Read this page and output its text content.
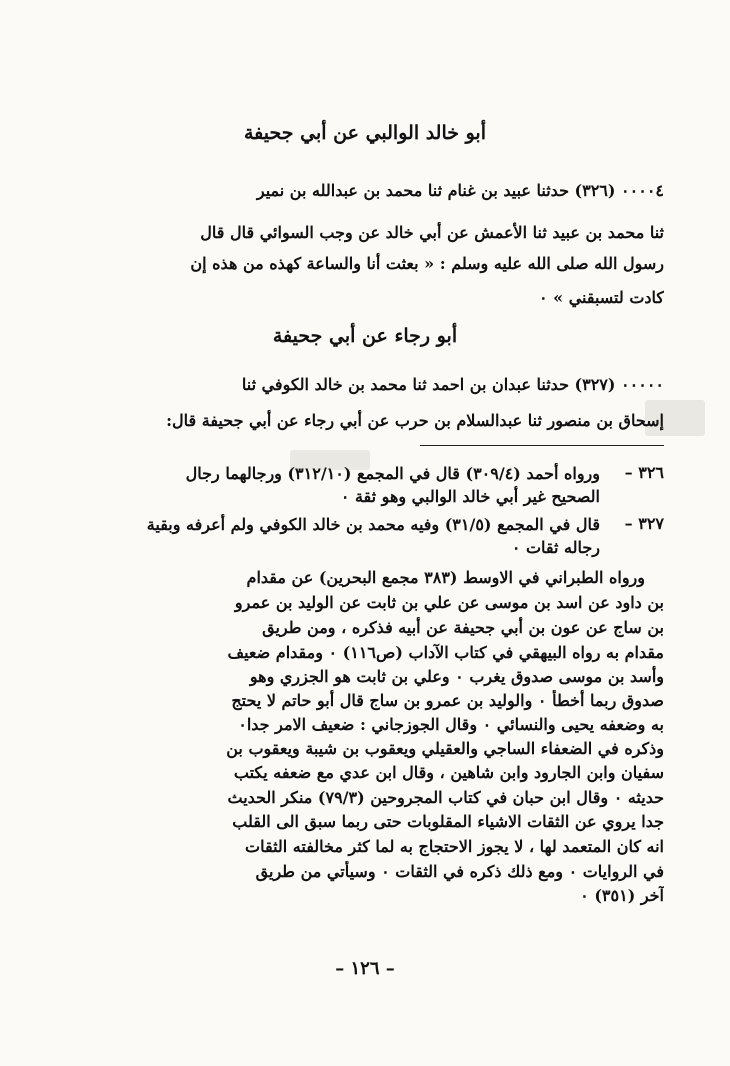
أبو خالد الوالبي عن أبي جحيفة
٠٠٠٠٤ (٣٢٦) حدثنا عبيد بن غنام ثنا محمد بن عبدالله بن نمير
ثنا محمد بن عبيد ثنا الأعمش عن أبي خالد عن وجب السوائي قال قال
رسول الله صلى الله عليه وسلم : « بعثت أنا والساعة كهذه من هذه إن
كادت لتسبقني » ٠
أبو رجاء عن أبي جحيفة
٠٠٠٠٠ (٣٢٧) حدثنا عبدان بن احمد ثنا محمد بن خالد الكوفي ثنا
إسحاق بن منصور ثنا عبدالسلام بن حرب عن أبي رجاء عن أبي جحيفة قال:
٣٢٦ –
ورواه أحمد (٣٠٩/٤) قال في المجمع (٣١٢/١٠) ورجالهما رجال
الصحيح غير أبي خالد الوالبي وهو ثقة ٠
٣٢٧ –
قال في المجمع (٣١/٥) وفيه محمد بن خالد الكوفي ولم أعرفه وبقية
رجاله ثقات ٠
ورواه الطبراني في الاوسط (٣٨٣ مجمع البحرين) عن مقدام
بن داود عن اسد بن موسى عن علي بن ثابت عن الوليد بن عمرو
بن ساج عن عون بن أبي جحيفة عن أبيه فذكره ، ومن طريق
مقدام به رواه البيهقي في كتاب الآداب (ص١١٦) ٠ ومقدام ضعيف
وأسد بن موسى صدوق يغرب ٠ وعلي بن ثابت هو الجزري وهو
صدوق ربما أخطأ ٠ والوليد بن عمرو بن ساج قال أبو حاتم لا يحتج
به وضعفه يحيى والنسائي ٠ وقال الجوزجاني : ضعيف الامر جدا٠
وذكره في الضعفاء الساجي والعقيلي ويعقوب بن شيبة ويعقوب بن
سفيان وابن الجارود وابن شاهين ، وقال ابن عدي مع ضعفه يكتب
حديثه ٠ وقال ابن حبان في كتاب المجروحين (٧٩/٣) منكر الحديث
جدا يروي عن الثقات الاشياء المقلوبات حتى ربما سبق الى القلب
انه كان المتعمد لها ، لا يجوز الاحتجاج به لما كثر مخالفته الثقات
في الروايات ٠ ومع ذلك ذكره في الثقات ٠ وسيأتي من طريق
آخر (٣٥١) ٠
– ١٢٦ –
